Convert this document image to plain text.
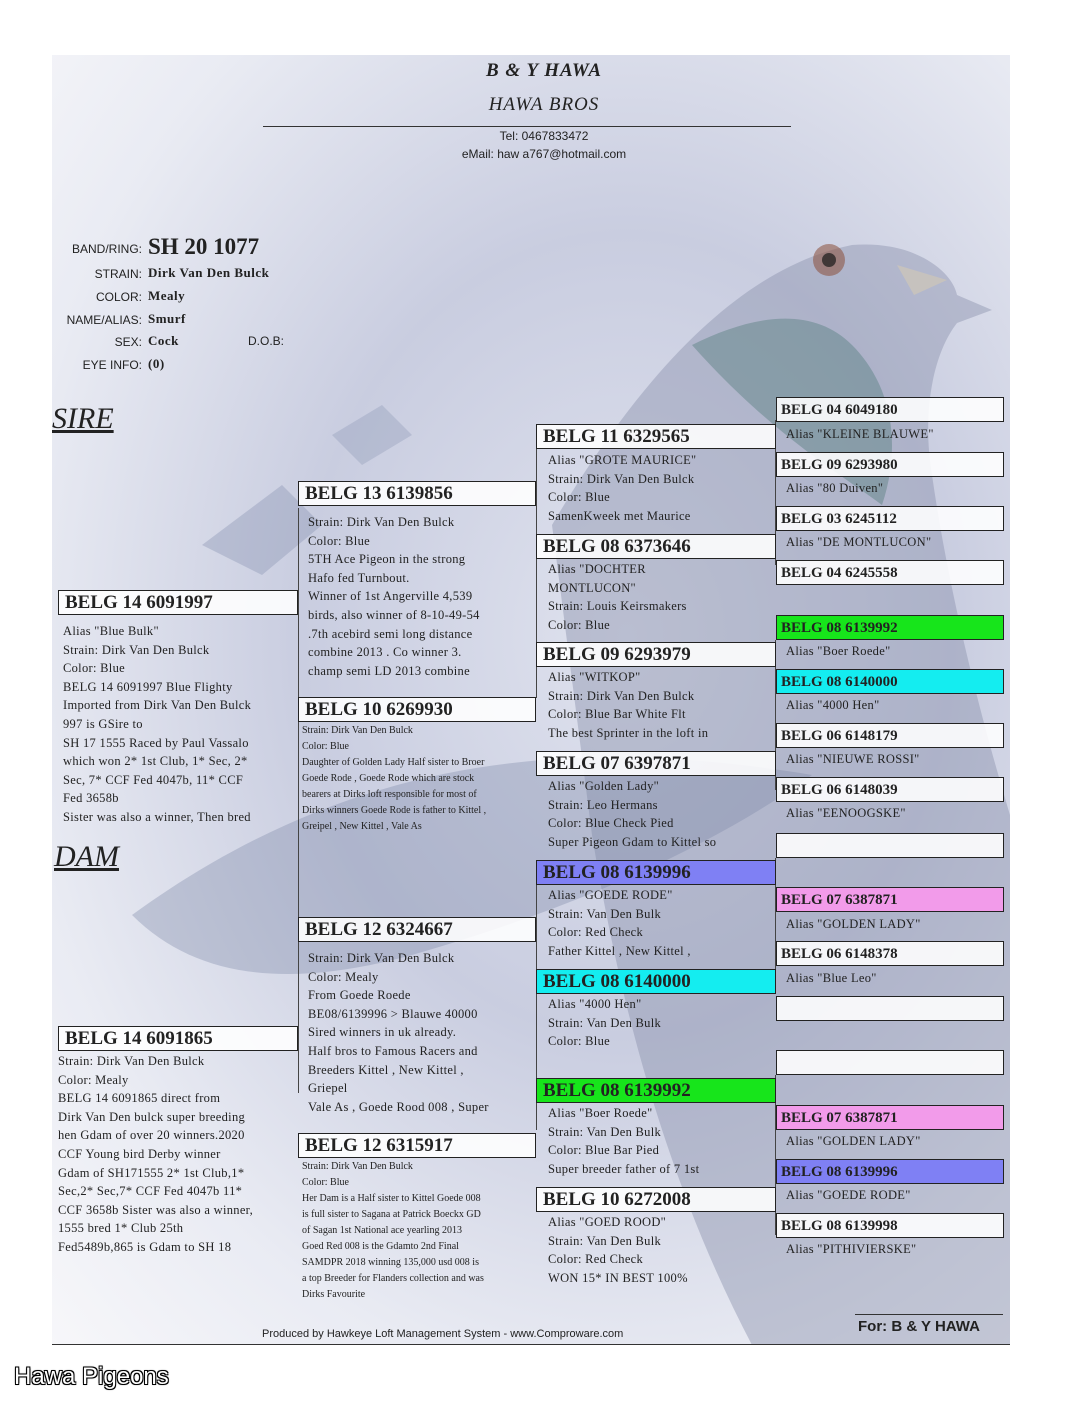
B & Y HAWA
HAWA BROS
Tel: 0467833472
eMail: haw a767@hotmail.com
BAND/RING: SH 20 1077
STRAIN: Dirk Van Den Bulck
COLOR: Mealy
NAME/ALIAS: Smurf
SEX: Cock	D.O.B:
EYE INFO: (0)
SIRE
DAM
BELG 14 6091997
Alias "Blue Bulk"
Strain: Dirk Van Den Bulck
Color: Blue
BELG 14 6091997 Blue Flighty
Imported from Dirk Van Den Bulck
997 is GSire to
SH 17 1555 Raced by Paul Vassalo
which won 2* 1st Club, 1* Sec, 2*
Sec, 7* CCF Fed 4047b, 11* CCF
Fed 3658b
Sister was also a winner, Then bred
BELG 14 6091865
Strain: Dirk Van Den Bulck
Color: Mealy
BELG 14 6091865 direct from
Dirk Van Den bulck super breeding
hen Gdam of over 20 winners.2020
CCF Young bird Derby winner
Gdam of SH171555 2* 1st Club,1*
Sec,2* Sec,7* CCF Fed 4047b 11*
CCF 3658b Sister was also a winner,
1555 bred 1* Club 25th
Fed5489b,865 is Gdam to SH 18
BELG 13 6139856
Strain: Dirk Van Den Bulck
Color: Blue
5TH Ace Pigeon in the strong
Hafo fed Turnbout.
Winner of 1st Angerville 4,539
birds, also winner of 8-10-49-54
.7th acebird semi long distance
combine 2013 . Co winner 3.
champ semi LD 2013 combine
BELG 10 6269930
Strain: Dirk Van Den Bulck
Color: Blue
Daughter of Golden Lady Half sister to Broer
Goede Rode , Goede Rode which are stock
bearers at Dirks loft responsible for most of
Dirks winners Goede Rode is father to Kittel ,
Greipel , New Kittel , Vale As
BELG 12 6324667
Strain: Dirk Van Den Bulck
Color: Mealy
From Goede Roede
BE08/6139996 > Blauwe 40000
Sired winners in uk already.
Half bros to Famous Racers and
Breeders Kittel , New Kittel ,
Griepel
Vale As , Goede Rood 008 , Super
BELG 12 6315917
Strain: Dirk Van Den Bulck
Color: Blue
Her Dam is a Half sister to Kittel Goede 008
is full sister to Sagana at Patrick Boeckx GD
of Sagan 1st National ace yearling 2013
Goed Red 008 is the Gdamto 2nd Final
SAMDPR 2018 winning 135,000 usd 008 is
a top Breeder for Flanders collection and was
Dirks Favourite
BELG 11 6329565
Alias "GROTE MAURICE"
Strain: Dirk Van Den Bulck
Color: Blue
SamenKweek met Maurice
BELG 08 6373646
Alias "DOCHTER
MONTLUCON"
Strain: Louis Keirsmakers
Color: Blue
BELG 09 6293979
Alias "WITKOP"
Strain: Dirk Van Den Bulck
Color: Blue Bar White Flt
The best Sprinter in the loft in
BELG 07 6397871
Alias "Golden Lady"
Strain: Leo Hermans
Color: Blue Check Pied
Super Pigeon Gdam to Kittel so
BELG 08 6139996
Alias "GOEDE RODE"
Strain: Van Den Bulk
Color: Red Check
Father Kittel , New Kittel ,
BELG 08 6140000
Alias "4000 Hen"
Strain: Van Den Bulk
Color: Blue
BELG 08 6139992
Alias "Boer Roede"
Strain: Van Den Bulk
Color: Blue Bar Pied
Super breeder father of 7 1st
BELG 10 6272008
Alias "GOED ROOD"
Strain: Van Den Bulk
Color: Red Check
WON 15* IN BEST 100%
BELG 04 6049180
Alias "KLEINE BLAUWE"
BELG 09 6293980
Alias "80 Duiven"
BELG 03 6245112
Alias "DE MONTLUCON"
BELG 04 6245558
BELG 08 6139992
Alias "Boer Roede"
BELG 08 6140000
Alias "4000 Hen"
BELG 06 6148179
Alias "NIEUWE ROSSI"
BELG 06 6148039
Alias "EENOOGSKE"
BELG 07 6387871
Alias "GOLDEN LADY"
BELG 06 6148378
Alias "Blue Leo"
BELG 07 6387871
Alias "GOLDEN LADY"
BELG 08 6139996
Alias "GOEDE RODE"
BELG 08 6139998
Alias "PITHIVIERSKE"
For: B & Y HAWA
Produced by Hawkeye Loft Management System - www.Comproware.com
Hawa Pigeons
